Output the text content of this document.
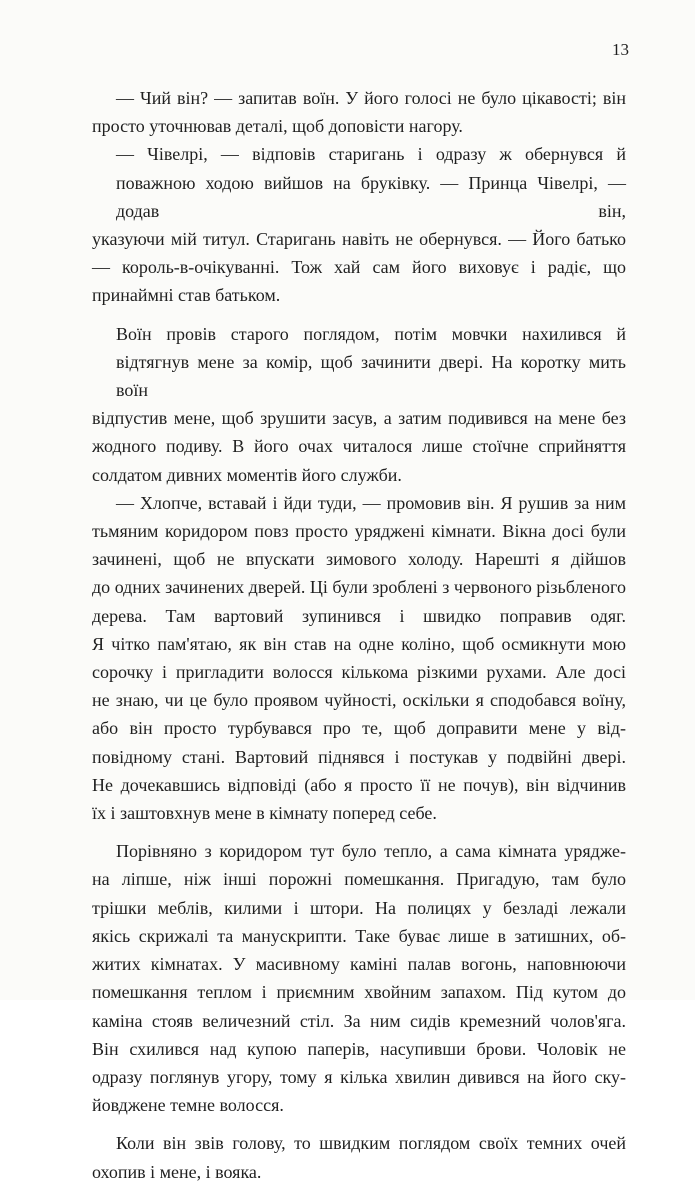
13
— Чий він? — запитав воїн. У його голосі не було цікавості; він
просто уточнював деталі, щоб доповісти нагору.
— Чівелрі, — відповів старигань і одразу ж обернувся й поважною ходою вийшов на бруківку. — Принца Чівелрі, — додав він,
указуючи мій титул. Старигань навіть не обернувся. — Його батько — король-в-очікуванні. Тож хай сам його виховує і радіє, що
принаймні став батьком.
Воїн провів старого поглядом, потім мовчки нахилився й відтягнув мене за комір, щоб зачинити двері. На коротку мить воїн
відпустив мене, щоб зрушити засув, а затим подивився на мене без
жодного подиву. В його очах читалося лише стоїчне сприйняття
солдатом дивних моментів його служби.
— Хлопче, вставай і йди туди, — промовив він. Я рушив за ним
тьмяним коридором повз просто урядженi кімнати. Вікна досі були зачинені, щоб не впускати зимового холоду. Нарешті я дійшов
до одних зачинених дверей. Ці були зроблені з червоного різьбленого дерева. Там вартовий зупинився і швидко поправив одяг.
Я чітко пам'ятаю, як він став на одне коліно, щоб осмикнути мою
сорочку і пригладити волосся кількома різкими рухами. Але досі
не знаю, чи це було проявом чуйності, оскільки я сподобався воїну, або він просто турбувався про те, щоб доправити мене у від-
повідному стані. Вартовий піднявся і постукав у подвійні двері.
Не дочекавшись відповіді (або я просто її не почув), він відчинив
їх і заштовхнув мене в кімнату поперед себе.
Порівняно з коридором тут було тепло, а сама кімната урядже-
на ліпше, ніж інші порожні помешкання. Пригадую, там було
трішки меблів, килими і штори. На полицях у безладі лежали
якісь скрижалі та манускрипти. Таке буває лише в затишних, об-
житих кімнатах. У масивному каміні палав вогонь, наповнюючи
помешкання теплом і приємним хвойним запахом. Під кутом до
каміна стояв величезний стіл. За ним сидів кремезний чолов'яга.
Він схилився над купою паперів, насупивши брови. Чоловік не
одразу поглянув угору, тому я кілька хвилин дивився на його ску-
йовджене темне волосся.
Коли він звів голову, то швидким поглядом своїх темних очей
охопив і мене, і вояка.
